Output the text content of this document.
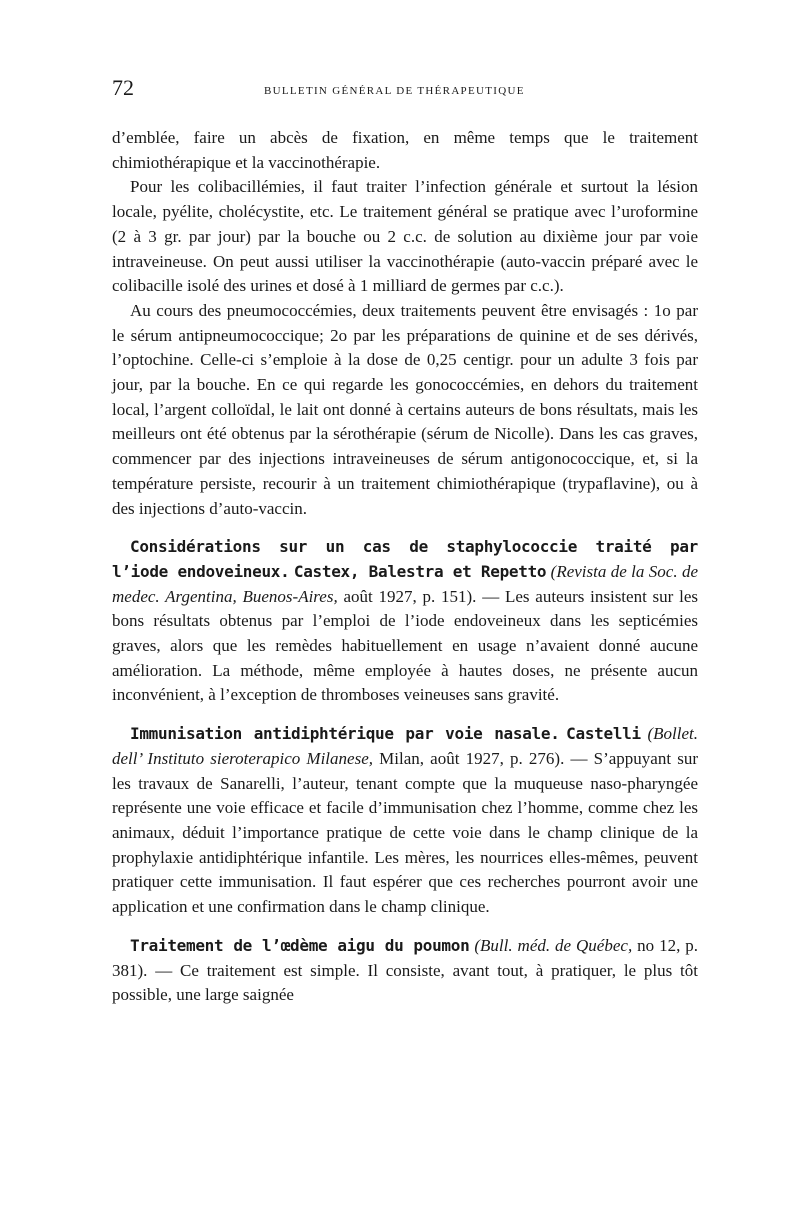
72	BULLETIN GÉNÉRAL DE THÉRAPEUTIQUE

d’emblée, faire un abcès de fixation, en même temps que le traitement chimiothérapique et la vaccinothérapie.

Pour les colibacillémies, il faut traiter l’infection générale et surtout la lésion locale, pyélite, cholécystite, etc. Le traitement général se pratique avec l’uroformine (2 à 3 gr. par jour) par la bouche ou 2 c.c. de solution au dixième jour par voie intraveineuse. On peut aussi utiliser la vaccinothérapie (auto-vaccin préparé avec le colibacille isolé des urines et dosé à 1 milliard de germes par c.c.).

Au cours des pneumococcémies, deux traitements peuvent être envisagés : 1o par le sérum antipneumococcique; 2o par les préparations de quinine et de ses dérivés, l’optochine. Celle-ci s’emploie à la dose de 0,25 centigr. pour un adulte 3 fois par jour, par la bouche. En ce qui regarde les gonococcémies, en dehors du traitement local, l’argent colloïdal, le lait ont donné à certains auteurs de bons résultats, mais les meilleurs ont été obtenus par la sérothérapie (sérum de Nicolle). Dans les cas graves, commencer par des injections intraveineuses de sérum antigonococcique, et, si la température persiste, recourir à un traitement chimiothérapique (trypaflavine), ou à des injections d’auto-vaccin.

Considérations sur un cas de staphylococcie traité par l’iode endoveineux. Castex, Balestra et Repetto (Revista de la Soc. de medec. Argentina, Buenos-Aires, août 1927, p. 151). — Les auteurs insistent sur les bons résultats obtenus par l’emploi de l’iode endoveineux dans les septicémies graves, alors que les remèdes habituellement en usage n’avaient donné aucune amélioration. La méthode, même employée à hautes doses, ne présente aucun inconvénient, à l’exception de thromboses veineuses sans gravité.

Immunisation antidiphtérique par voie nasale. Castelli (Bollet. dell’ Instituto sieroterapico Milanese, Milan, août 1927, p. 276). — S’appuyant sur les travaux de Sanarelli, l’auteur, tenant compte que la muqueuse naso-pharyngée représente une voie efficace et facile d’immunisation chez l’homme, comme chez les animaux, déduit l’importance pratique de cette voie dans le champ clinique de la prophylaxie antidiphtérique infantile. Les mères, les nourrices elles-mêmes, peuvent pratiquer cette immunisation. Il faut espérer que ces recherches pourront avoir une application et une confirmation dans le champ clinique.

Traitement de l’œdème aigu du poumon (Bull. méd. de Québec, no 12, p. 381). — Ce traitement est simple. Il consiste, avant tout, à pratiquer, le plus tôt possible, une large saignée
